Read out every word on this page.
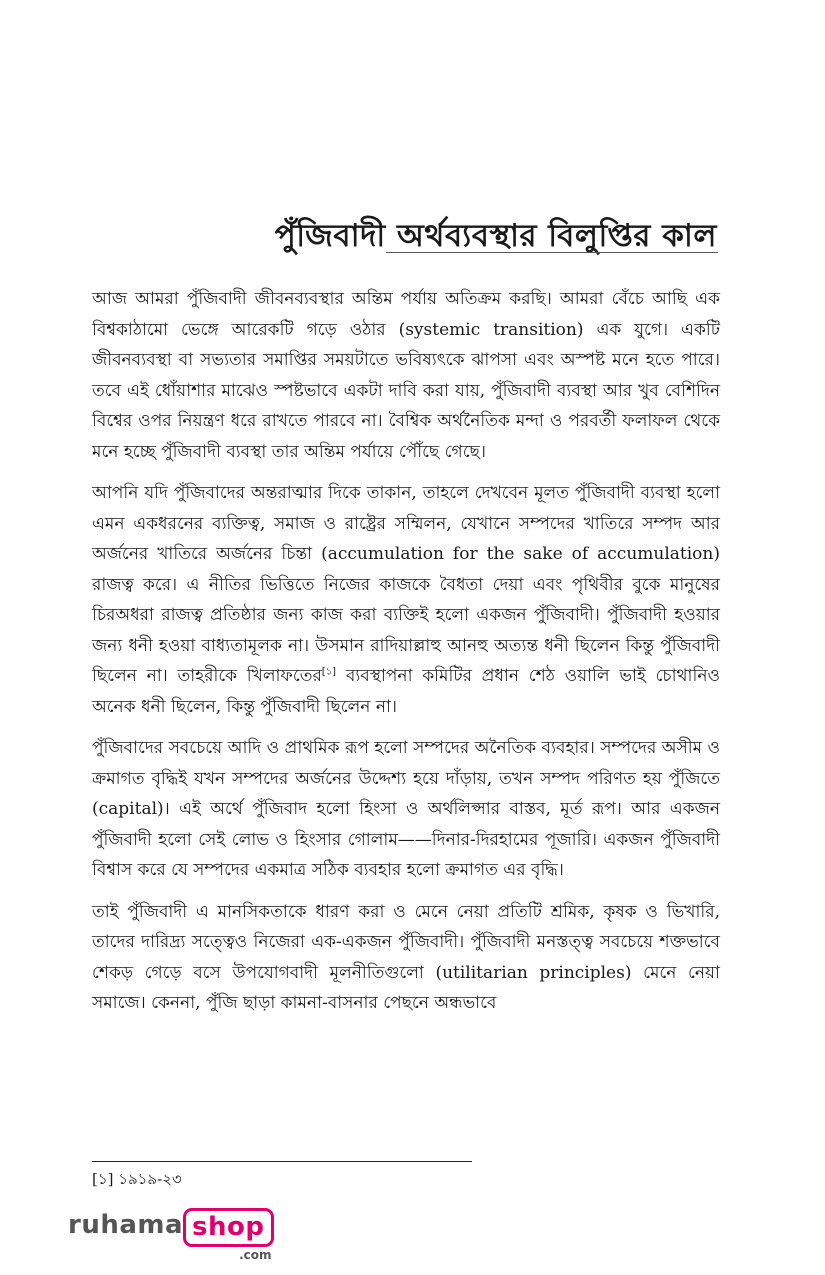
পুঁজিবাদী অর্থব্যবস্থার বিলুপ্তির কাল

আজ আমরা পুঁজিবাদী জীবনব্যবস্থার অন্তিম পর্যায় অতিক্রম করছি। আমরা বেঁচে আছি এক বিশ্বকাঠামো ভেঙ্গে আরেকটি গড়ে ওঠার (systemic transition) এক যুগে। একটি জীবনব্যবস্থা বা সভ্যতার সমাপ্তির সময়টাতে ভবিষ্যৎকে ঝাপসা এবং অস্পষ্ট মনে হতে পারে। তবে এই ধোঁয়াশার মাঝেও স্পষ্টভাবে একটা দাবি করা যায়, পুঁজিবাদী ব্যবস্থা আর খুব বেশিদিন বিশ্বের ওপর নিয়ন্ত্রণ ধরে রাখতে পারবে না। বৈশ্বিক অর্থনৈতিক মন্দা ও পরবর্তী ফলাফল থেকে মনে হচ্ছে পুঁজিবাদী ব্যবস্থা তার অন্তিম পর্যায়ে পৌঁছে গেছে।

আপনি যদি পুঁজিবাদের অন্তরাত্মার দিকে তাকান, তাহলে দেখবেন মূলত পুঁজিবাদী ব্যবস্থা হলো এমন একধরনের ব্যক্তিত্ব, সমাজ ও রাষ্ট্রের সম্মিলন, যেখানে সম্পদের খাতিরে সম্পদ আর অর্জনের খাতিরে অর্জনের চিন্তা (accumulation for the sake of accumulation) রাজত্ব করে। এ নীতির ভিত্তিতে নিজের কাজকে বৈধতা দেয়া এবং পৃথিবীর বুকে মানুষের চিরঅধরা রাজত্ব প্রতিষ্ঠার জন্য কাজ করা ব্যক্তিই হলো একজন পুঁজিবাদী। পুঁজিবাদী হওয়ার জন্য ধনী হওয়া বাধ্যতামূলক না। উসমান রাদিয়াল্লাহু আনহু অত্যন্ত ধনী ছিলেন কিন্তু পুঁজিবাদী ছিলেন না। তাহরীকে খিলাফতের[১] ব্যবস্থাপনা কমিটির প্রধান শেঠ ওয়ালি ভাই চোথানিও অনেক ধনী ছিলেন, কিন্তু পুঁজিবাদী ছিলেন না।

পুঁজিবাদের সবচেয়ে আদি ও প্রাথমিক রূপ হলো সম্পদের অনৈতিক ব্যবহার। সম্পদের অসীম ও ক্রমাগত বৃদ্ধিই যখন সম্পদের অর্জনের উদ্দেশ্য হয়ে দাঁড়ায়, তখন সম্পদ পরিণত হয় পুঁজিতে (capital)। এই অর্থে পুঁজিবাদ হলো হিংসা ও অর্থলিপ্সার বাস্তব, মূর্ত রূপ। আর একজন পুঁজিবাদী হলো সেই লোভ ও হিংসার গোলাম——দিনার-দিরহামের পূজারি। একজন পুঁজিবাদী বিশ্বাস করে যে সম্পদের একমাত্র সঠিক ব্যবহার হলো ক্রমাগত এর বৃদ্ধি।

তাই পুঁজিবাদী এ মানসিকতাকে ধারণ করা ও মেনে নেয়া প্রতিটি শ্রমিক, কৃষক ও ভিখারি, তাদের দারিদ্র্য সত্ত্বেও নিজেরা এক-একজন পুঁজিবাদী। পুঁজিবাদী মনস্তত্ত্ব সবচেয়ে শক্তভাবে শেকড় গেড়ে বসে উপযোগবাদী মূলনীতিগুলো (utilitarian principles) মেনে নেয়া সমাজে। কেননা, পুঁজি ছাড়া কামনা-বাসনার পেছনে অন্ধভাবে

[১] ১৯১৯-২৩
ruhama shop
.com
